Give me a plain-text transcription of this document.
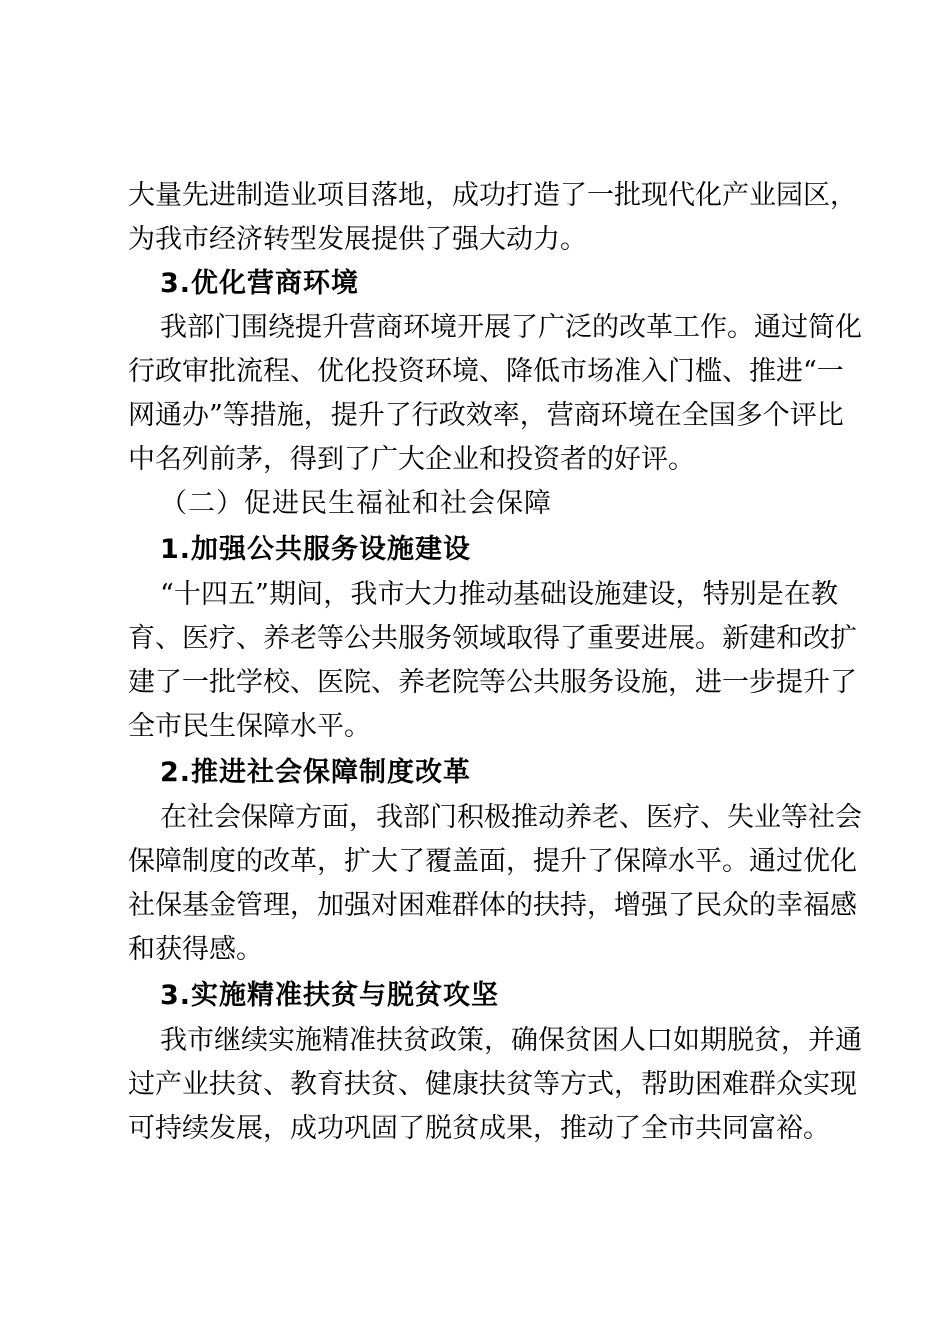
大量先进制造业项目落地，成功打造了一批现代化产业园区，
为我市经济转型发展提供了强大动力。
3.优化营商环境
我部门围绕提升营商环境开展了广泛的改革工作。通过简化
行政审批流程、优化投资环境、降低市场准入门槛、推进“一
网通办”等措施，提升了行政效率，营商环境在全国多个评比
中名列前茅，得到了广大企业和投资者的好评。
（二）促进民生福祉和社会保障
1.加强公共服务设施建设
“十四五”期间，我市大力推动基础设施建设，特别是在教
育、医疗、养老等公共服务领域取得了重要进展。新建和改扩
建了一批学校、医院、养老院等公共服务设施，进一步提升了
全市民生保障水平。
2.推进社会保障制度改革
在社会保障方面，我部门积极推动养老、医疗、失业等社会
保障制度的改革，扩大了覆盖面，提升了保障水平。通过优化
社保基金管理，加强对困难群体的扶持，增强了民众的幸福感
和获得感。
3.实施精准扶贫与脱贫攻坚
我市继续实施精准扶贫政策，确保贫困人口如期脱贫，并通
过产业扶贫、教育扶贫、健康扶贫等方式，帮助困难群众实现
可持续发展，成功巩固了脱贫成果，推动了全市共同富裕。
